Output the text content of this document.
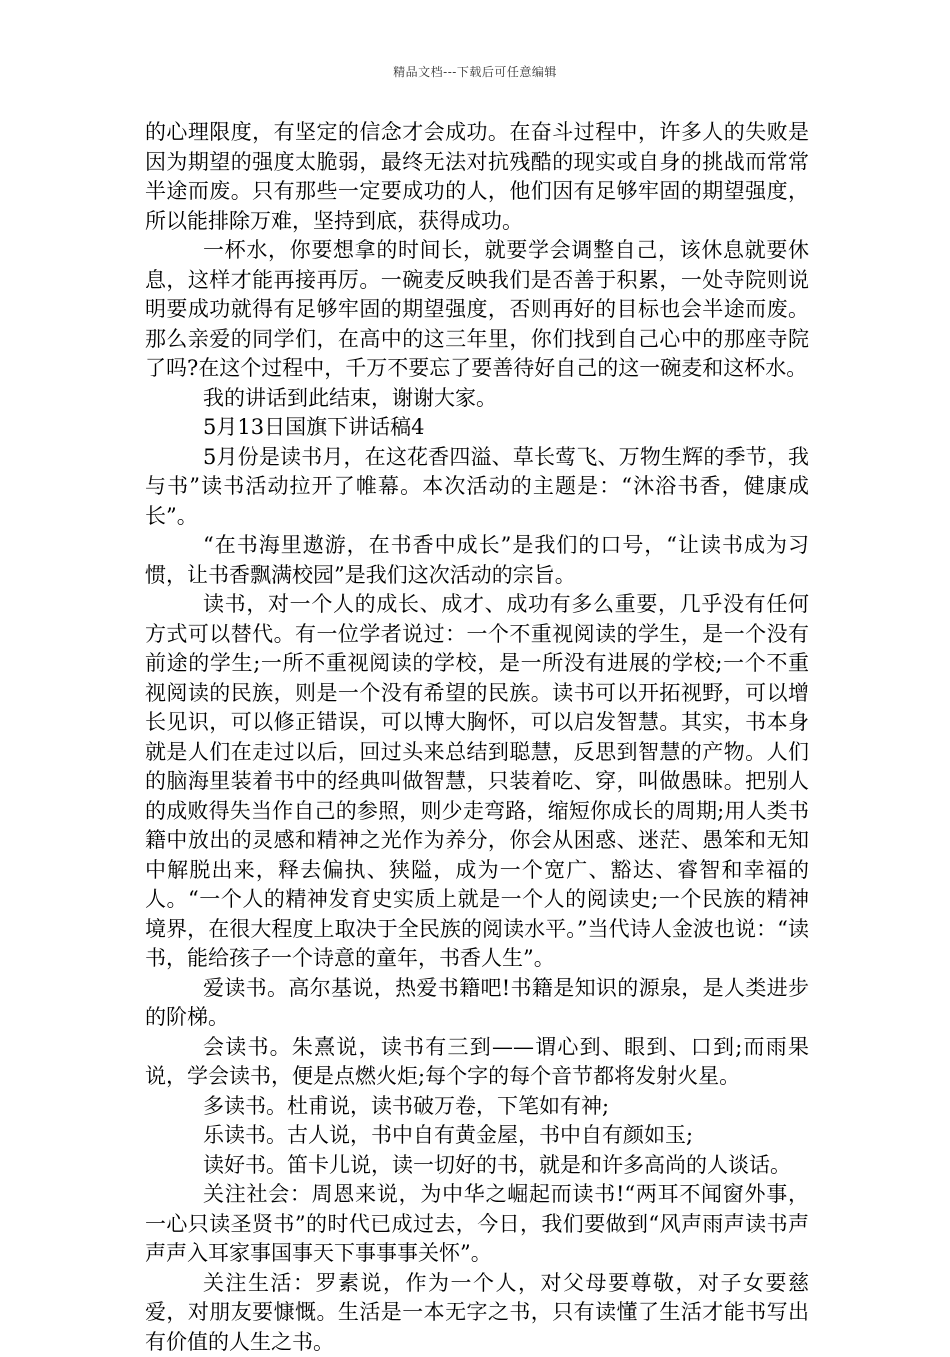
精品文档---下载后可任意编辑

的心理限度，有坚定的信念才会成功。在奋斗过程中，许多人的失败是因为期望的强度太脆弱，最终无法对抗残酷的现实或自身的挑战而常常半途而废。只有那些一定要成功的人，他们因有足够牢固的期望强度，所以能排除万难，坚持到底，获得成功。

一杯水，你要想拿的时间长，就要学会调整自己，该休息就要休息，这样才能再接再厉。一碗麦反映我们是否善于积累，一处寺院则说明要成功就得有足够牢固的期望强度，否则再好的目标也会半途而废。那么亲爱的同学们，在高中的这三年里，你们找到自己心中的那座寺院了吗?在这个过程中，千万不要忘了要善待好自己的这一碗麦和这杯水。

我的讲话到此结束，谢谢大家。

5月13日国旗下讲话稿4

5月份是读书月，在这花香四溢、草长莺飞、万物生辉的季节，我与书”读书活动拉开了帷幕。本次活动的主题是：“沐浴书香，健康成长”。

“在书海里遨游，在书香中成长”是我们的口号，“让读书成为习惯，让书香飘满校园”是我们这次活动的宗旨。

读书，对一个人的成长、成才、成功有多么重要，几乎没有任何方式可以替代。有一位学者说过：一个不重视阅读的学生，是一个没有前途的学生;一所不重视阅读的学校，是一所没有进展的学校;一个不重视阅读的民族，则是一个没有希望的民族。读书可以开拓视野，可以增长见识，可以修正错误，可以博大胸怀，可以启发智慧。其实，书本身就是人们在走过以后，回过头来总结到聪慧，反思到智慧的产物。人们的脑海里装着书中的经典叫做智慧，只装着吃、穿，叫做愚昧。把别人的成败得失当作自己的参照，则少走弯路，缩短你成长的周期;用人类书籍中放出的灵感和精神之光作为养分，你会从困惑、迷茫、愚笨和无知中解脱出来，释去偏执、狭隘，成为一个宽广、豁达、睿智和幸福的人。“一个人的精神发育史实质上就是一个人的阅读史;一个民族的精神境界，在很大程度上取决于全民族的阅读水平。”当代诗人金波也说：“读书，能给孩子一个诗意的童年，书香人生”。

爱读书。高尔基说，热爱书籍吧!书籍是知识的源泉，是人类进步的阶梯。

会读书。朱熹说，读书有三到——谓心到、眼到、口到;而雨果说，学会读书，便是点燃火炬;每个字的每个音节都将发射火星。

多读书。杜甫说，读书破万卷，下笔如有神;

乐读书。古人说，书中自有黄金屋，书中自有颜如玉;

读好书。笛卡儿说，读一切好的书，就是和许多高尚的人谈话。

关注社会：周恩来说，为中华之崛起而读书!“两耳不闻窗外事，一心只读圣贤书”的时代已成过去，今日，我们要做到“风声雨声读书声声声入耳家事国事天下事事事关怀”。

关注生活：罗素说，作为一个人，对父母要尊敬，对子女要慈爱，对朋友要慷慨。生活是一本无字之书，只有读懂了生活才能书写出有价值的人生之书。
